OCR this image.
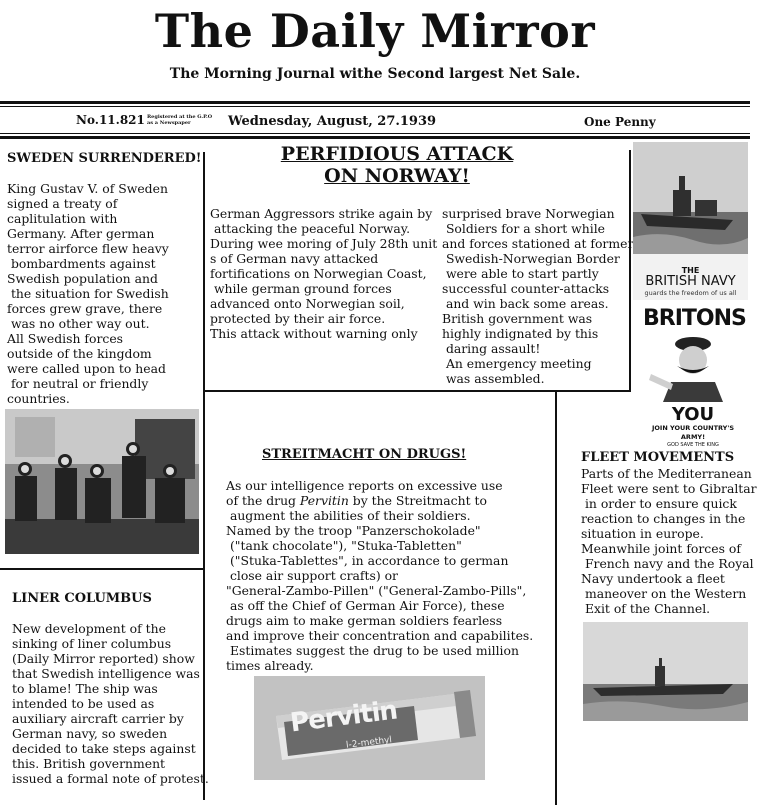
The Daily Mirror
The Morning Journal withe Second largest Net Sale.
No.11.821 Registered at the G.P.O
as a Newspaper	Wednesday, August, 27.1939	One Penny
SWEDEN SURRENDERED!
King Gustav V. of Sweden
signed a treaty of
caplitulation with
Germany. After german
terror airforce flew heavy
bombardments against
Swedish population and
the situation for Swedish
forces grew grave, there
was no other way out.
All Swedish forces
outside of the kingdom
were called upon to head
for neutral or friendly
countries.
PERFIDIOUS ATTACK
ON NORWAY!
German Aggressors strike again by
attacking the peaceful Norway.
During wee moring of July 28th unit
s of German navy attacked
fortifications on Norwegian Coast,
while german ground forces
advanced onto Norwegian soil,
protected by their air force.
This attack without warning only
surprised brave Norwegian
Soldiers for a short while
and forces stationed at former
Swedish-Norwegian Border
were able to start partly
successful counter-attacks
and win back some areas.
British government was
highly indignated by this
daring assault!
An emergency meeting
was assembled.
THE
BRITISH NAVY
guards the freedom of us all
BRITONS
YOU
JOIN YOUR COUNTRY'S ARMY!
GOD SAVE THE KING
STREITMACHT ON DRUGS!
As our intelligence reports on excessive use
of the drug Pervitin by the Streitmacht to
augment the abilities of their soldiers.
Named by the troop "Panzerschokolade"
("tank chocolate"), "Stuka-Tabletten"
("Stuka-Tablettes", in accordance to german
close air support crafts) or
"General-Zambo-Pillen" ("General-Zambo-Pills",
as off the Chief of German Air Force), these
drugs aim to make german soldiers fearless
and improve their concentration and capabilites.
Estimates suggest the drug to be used million
times already.
Pervitin
l-2-methyl
FLEET MOVEMENTS
Parts of the Mediterranean
Fleet were sent to Gibraltar
in order to ensure quick
reaction to changes in the
situation in europe.
Meanwhile joint forces of
French navy and the Royal
Navy undertook a fleet
maneover on the Western
Exit of the Channel.
LINER COLUMBUS
New development of the
sinking of liner columbus
(Daily Mirror reported) show
that Swedish intelligence was
to blame! The ship was
intended to be used as
auxiliary aircraft carrier by
German navy, so sweden
decided to take steps against
this. British government
issued a formal note of protest.
